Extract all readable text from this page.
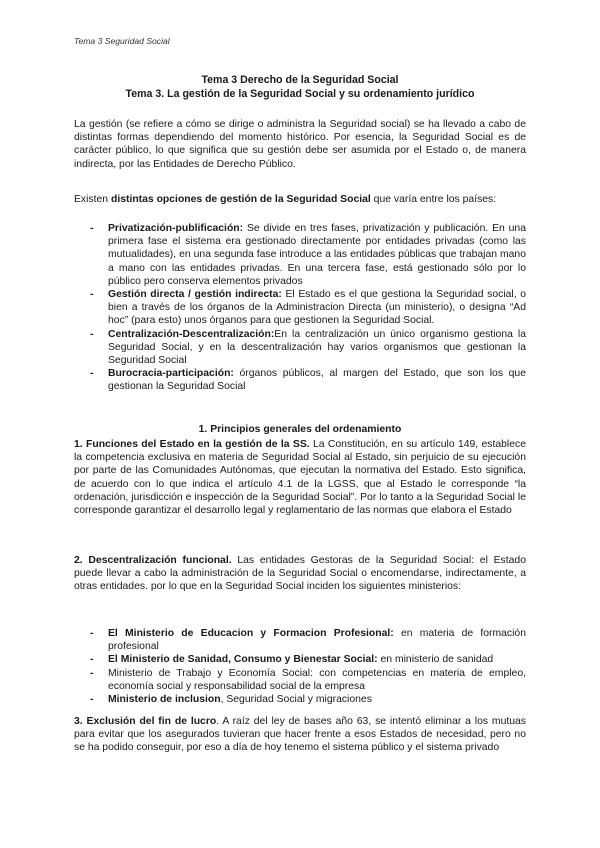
Tema 3 Seguridad Social
Tema 3 Derecho de la Seguridad Social
Tema 3. La gestión de la Seguridad Social y su ordenamiento jurídico
La gestión (se refiere a cómo se dirige o administra la Seguridad social) se ha llevado a cabo de distintas formas dependiendo del momento histórico. Por esencia, la Seguridad Social es de carácter público, lo que significa que su gestión debe ser asumida por el Estado o, de manera indirecta, por las Entidades de Derecho Público.
Existen distintas opciones de gestión de la Seguridad Social que varía entre los países:
- Privatización-publificación: Se divide en tres fases, privatización y publicación. En una primera fase el sistema era gestionado directamente por entidades privadas (como las mutualidades), en una segunda fase introduce a las entidades públicas que trabajan mano a mano con las entidades privadas. En una tercera fase, está gestionado sólo por lo público pero conserva elementos privados
- Gestión directa / gestión indirecta: El Estado es el que gestiona la Seguridad social, o bien a través de los órganos de la Administracion Directa (un ministerio), o designa “Ad hoc” (para esto) unos órganos para que gestionen la Seguridad Social.
- Centralización-Descentralización:En la centralización un único organismo gestiona la Seguridad Social, y en la descentralización hay varios organismos que gestionan la Seguridad Social
- Burocracia-participación: órganos públicos, al margen del Estado, que son los que gestionan la Seguridad Social
1. Principios generales del ordenamiento
1. Funciones del Estado en la gestión de la SS. La Constitución, en su artículo 149, establece la competencia exclusiva en materia de Seguridad Social al Estado, sin perjuicio de su ejecución por parte de las Comunidades Autónomas, que ejecutan la normativa del Estado. Esto significa, de acuerdo con lo que indica el artículo 4.1 de la LGSS, que al Estado le corresponde “la ordenación, jurisdicción e inspección de la Seguridad Social”. Por lo tanto a la Seguridad Social le corresponde garantizar el desarrollo legal y reglamentario de las normas que elabora el Estado
2. Descentralización funcional. Las entidades Gestoras de la Seguridad Social: el Estado puede llevar a cabo la administración de la Seguridad Social o encomendarse, indirectamente, a otras entidades. por lo que en la Seguridad Social inciden los siguientes ministerios:
- El Ministerio de Educacion y Formacion Profesional: en materia de formación profesional
- El Ministerio de Sanidad, Consumo y Bienestar Social: en ministerio de sanidad
- Ministerio de Trabajo y Economía Social: con competencias en materia de empleo, economía social y responsabilidad social de la empresa
- Ministerio de inclusion, Seguridad Social y migraciones
3. Exclusión del fin de lucro. A raíz del ley de bases año 63, se intentó eliminar a los mutuas para evitar que los asegurados tuvieran que hacer frente a esos Estados de necesidad, pero no se ha podido conseguir, por eso a día de hoy tenemo el sistema público y el sistema privado
